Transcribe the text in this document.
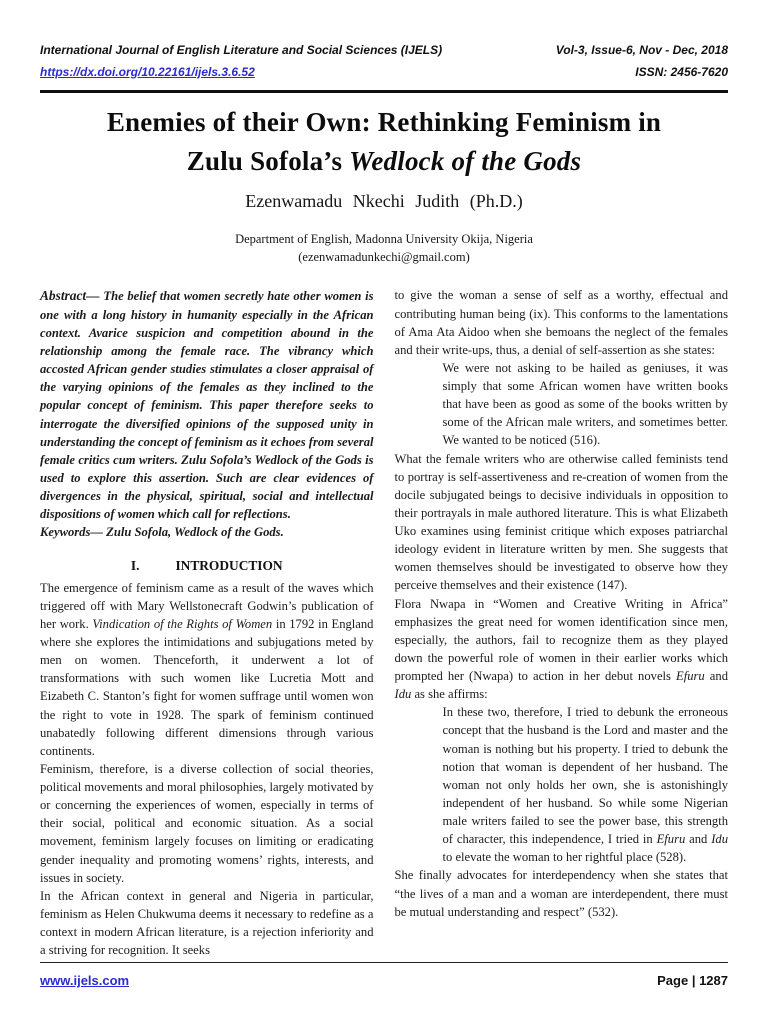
International Journal of English Literature and Social Sciences (IJELS)	Vol-3, Issue-6, Nov - Dec, 2018
https://dx.doi.org/10.22161/ijels.3.6.52	ISSN: 2456-7620
Enemies of their Own: Rethinking Feminism in
Zulu Sofola’s Wedlock of the Gods
Ezenwamadu Nkechi Judith (Ph.D.)
Department of English, Madonna University Okija, Nigeria
(ezenwamadunkechi@gmail.com)

Abstract— The belief that women secretly hate other women is one with a long history in humanity especially in the African context. Avarice suspicion and competition abound in the relationship among the female race. The vibrancy which accosted African gender studies stimulates a closer appraisal of the varying opinions of the females as they inclined to the popular concept of feminism. This paper therefore seeks to interrogate the diversified opinions of the supposed unity in understanding the concept of feminism as it echoes from several female critics cum writers. Zulu Sofola’s Wedlock of the Gods is used to explore this assertion. Such are clear evidences of divergences in the physical, spiritual, social and intellectual dispositions of women which call for reflections.

Keywords— Zulu Sofola, Wedlock of the Gods.

I.	INTRODUCTION

The emergence of feminism came as a result of the waves which triggered off with Mary Wellstonecraft Godwin’s publication of her work. Vindication of the Rights of Women in 1792 in England where she explores the intimidations and subjugations meted by men on women. Thenceforth, it underwent a lot of transformations with such women like Lucretia Mott and Eizabeth C. Stanton’s fight for women suffrage until women won the right to vote in 1928. The spark of feminism continued unabatedly following different dimensions through various continents.

Feminism, therefore, is a diverse collection of social theories, political movements and moral philosophies, largely motivated by or concerning the experiences of women, especially in terms of their social, political and economic situation. As a social movement, feminism largely focuses on limiting or eradicating gender inequality and promoting womens’ rights, interests, and issues in society.

In the African context in general and Nigeria in particular, feminism as Helen Chukwuma deems it necessary to redefine as a context in modern African literature, is a rejection inferiority and a striving for recognition. It seeks

to give the woman a sense of self as a worthy, effectual and contributing human being (ix). This conforms to the lamentations of Ama Ata Aidoo when she bemoans the neglect of the females and their write-ups, thus, a denial of self-assertion as she states:

We were not asking to be hailed as geniuses, it was simply that some African women have written books that have been as good as some of the books written by some of the African male writers, and sometimes better. We wanted to be noticed (516).

What the female writers who are otherwise called feminists tend to portray is self-assertiveness and re-creation of women from the docile subjugated beings to decisive individuals in opposition to their portrayals in male authored literature. This is what Elizabeth Uko examines using feminist critique which exposes patriarchal ideology evident in literature written by men. She suggests that women themselves should be investigated to observe how they perceive themselves and their existence (147).

Flora Nwapa in “Women and Creative Writing in Africa” emphasizes the great need for women identification since men, especially, the authors, fail to recognize them as they played down the powerful role of women in their earlier works which prompted her (Nwapa) to action in her debut novels Efuru and Idu as she affirms:

In these two, therefore, I tried to debunk the erroneous concept that the husband is the Lord and master and the woman is nothing but his property. I tried to debunk the notion that woman is dependent of her husband. The woman not only holds her own, she is astonishingly independent of her husband. So while some Nigerian male writers failed to see the power base, this strength of character, this independence, I tried in Efuru and Idu to elevate the woman to her rightful place (528).

She finally advocates for interdependency when she states that “the lives of a man and a woman are interdependent, there must be mutual understanding and respect” (532).

www.ijels.com	Page | 1287
